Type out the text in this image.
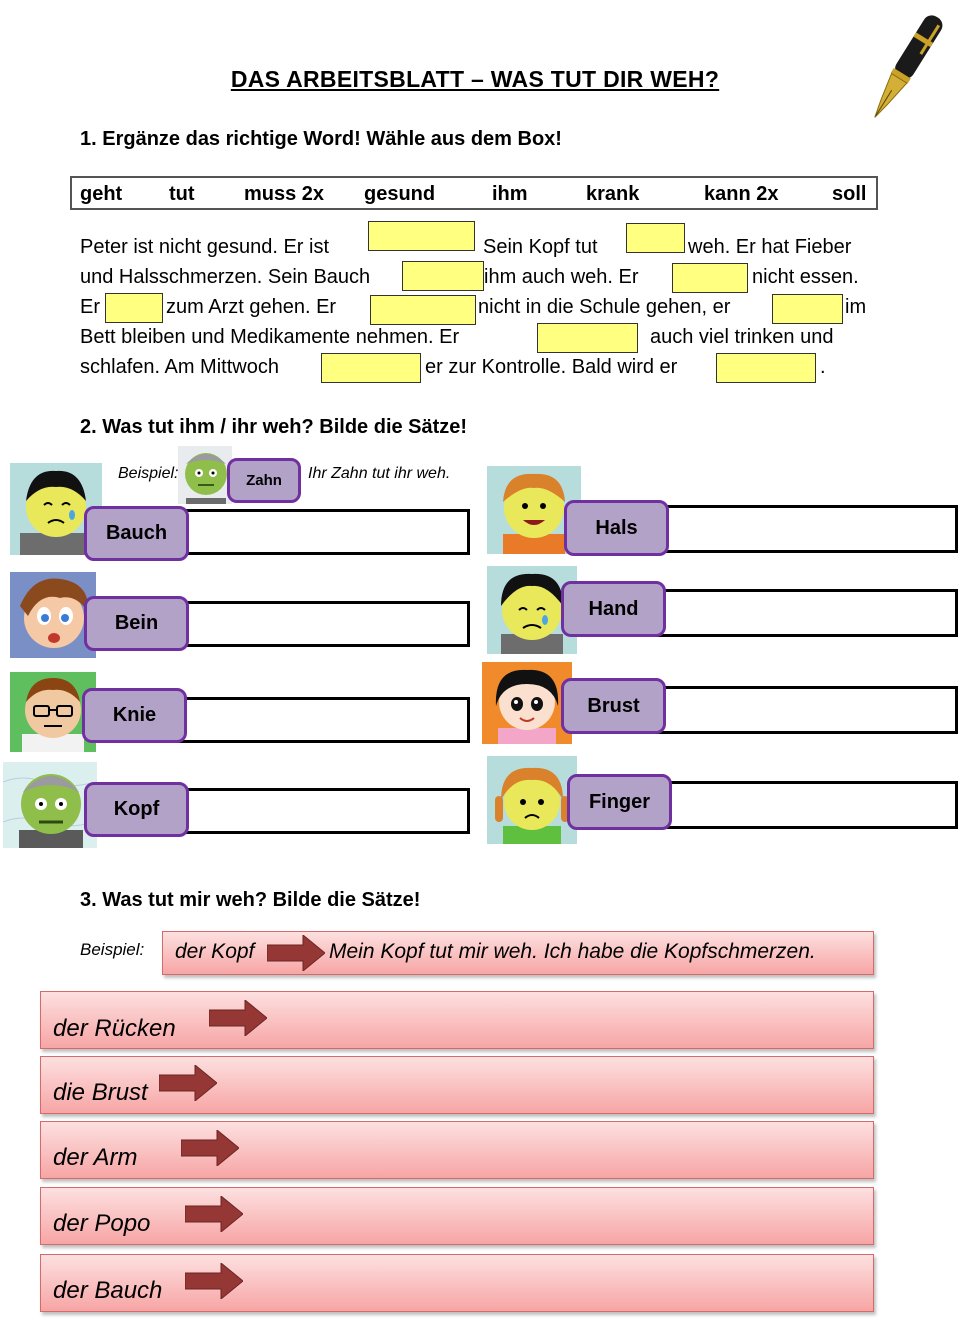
DAS ARBEITSBLATT – WAS TUT DIR WEH?
1. Ergänze das richtige Word! Wähle aus dem Box!
geht tut muss 2x gesund	ihm	krank	kann 2x	soll
Peter ist nicht gesund. Er ist	Sein Kopf tut	weh. Er hat Fieber
und Halsschmerzen. Sein Bauch	ihm auch weh. Er	nicht essen.
Er	zum Arzt gehen. Er	nicht in die Schule gehen, er	im
Bett bleiben und Medikamente nehmen. Er	auch viel trinken und
schlafen. Am Mittwoch	er zur Kontrolle. Bald wird er	.
2. Was tut ihm / ihr weh? Bilde die Sätze!
Beispiel:	Zahn	Ihr Zahn tut ihr weh.
Bauch
Bein
Knie
Kopf
Hals
Hand
Brust
Finger
3. Was tut mir weh? Bilde die Sätze!
Beispiel: der Kopf	Mein Kopf tut mir weh. Ich habe die Kopfschmerzen.
der Rücken
die Brust
der Arm
der Popo
der Bauch
